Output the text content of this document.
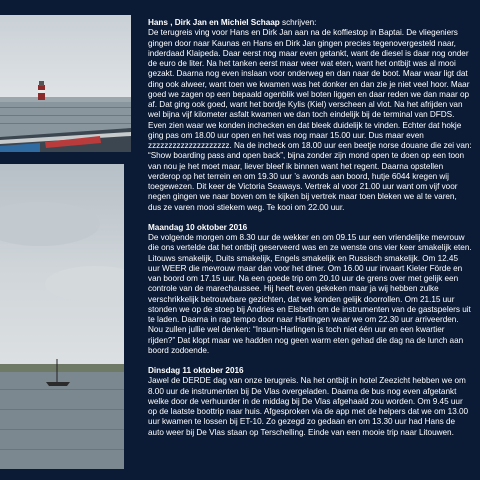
Hans , Dirk Jan en Michiel Schaap schrijven:
De terugreis ving voor Hans en Dirk Jan aan na de koffiestop in Baptai. De vliegeniers gingen door naar Kaunas en Hans en Dirk Jan gingen precies tegenovergesteld naar, inderdaad Klaipeda. Daar eerst nog maar even getankt, want de diesel is daar nog onder de euro de liter. Na het tanken eerst maar weer wat eten, want het ontbijt was al mooi gezakt. Daarna nog even inslaan voor onderweg en dan naar de boot. Maar waar ligt dat ding ook alweer, want toen we kwamen was het donker en dan zie je niet veel hoor. Maar goed we zagen op een bepaald ogenblik wel boten liggen en daar reden we dan maar op af. Dat ging ook goed, want het bordje Kylis (Kiel) verscheen al vlot. Na het afrijden van wel bijna vijf kilometer asfalt kwamen we dan toch eindelijk bij de terminal van DFDS. Even zien waar we konden inchecken en dat bleek duidelijk te vinden. Echter dat hokje ging pas om 18.00 uur open en het was nog maar 15.00 uur. Dus maar even zzzzzzzzzzzzzzzzzzzz. Na de incheck om 18.00 uur een beetje norse douane die zei van: “Show boarding pass and open back”, bijna zonder zijn mond open te doen op een toon van nou je het moet maar, liever bleef ik binnen want het regent. Daarna opstellen verderop op het terrein en om 19.30 uur ’s avonds aan boord, hutje 6044 kregen wij toegewezen. Dit keer de Victoria Seaways. Vertrek al voor 21.00 uur want om vijf voor negen gingen we naar boven om te kijken bij vertrek maar toen bleken we al te varen, dus ze varen mooi stiekem weg. Te kooi om 22.00 uur.

Maandag 10 oktober 2016

De volgende morgen om 8.30 uur de wekker en om 09.15 uur een vriendelijke mevrouw die ons vertelde dat het ontbijt geserveerd was en ze wenste ons vier keer smakelijk eten. Litouws smakelijk, Duits smakelijk, Engels smakelijk en Russisch smakelijk. Om 12.45 uur WEER die mevrouw maar dan voor het diner. Om 16.00 uur invaart Kieler Förde en van boord om 17.15 uur. Na een goede trip om 20.10 uur de grens over met gelijk een controle van de marechaussee. Hij heeft even gekeken maar ja wij hebben zulke verschrikkelijk betrouwbare gezichten, dat we konden gelijk doorrollen. Om 21.15 uur stonden we op de stoep bij Andries en Elsbeth om de instrumenten van de gastspelers uit te laden. Daarna in rap tempo door naar Harlingen waar we om 22.30 uur arriveerden. Nou zullen jullie wel denken: “Insum-Harlingen is toch niet één uur en een kwartier rijden?” Dat klopt maar we hadden nog geen warm eten gehad die dag na de lunch aan boord zodoende.

Dinsdag 11 oktober 2016

Jawel de DERDE dag van onze terugreis. Na het ontbijt in hotel Zeezicht hebben we om 8.00 uur de instrumenten bij De Vlas overgeladen. Daarna de bus nog even afgetankt welke door de verhuurder in de middag bij De Vlas afgehaald zou worden. Om 9.45 uur op de laatste boottrip naar huis. Afgesproken via de app met de helpers dat we om 13.00 uur kwamen te lossen bij ET-10. Zo gezegd zo gedaan en om 13.30 uur had Hans de auto weer bij De Vlas staan op Terschelling. Einde van een mooie trip naar Litouwen.
